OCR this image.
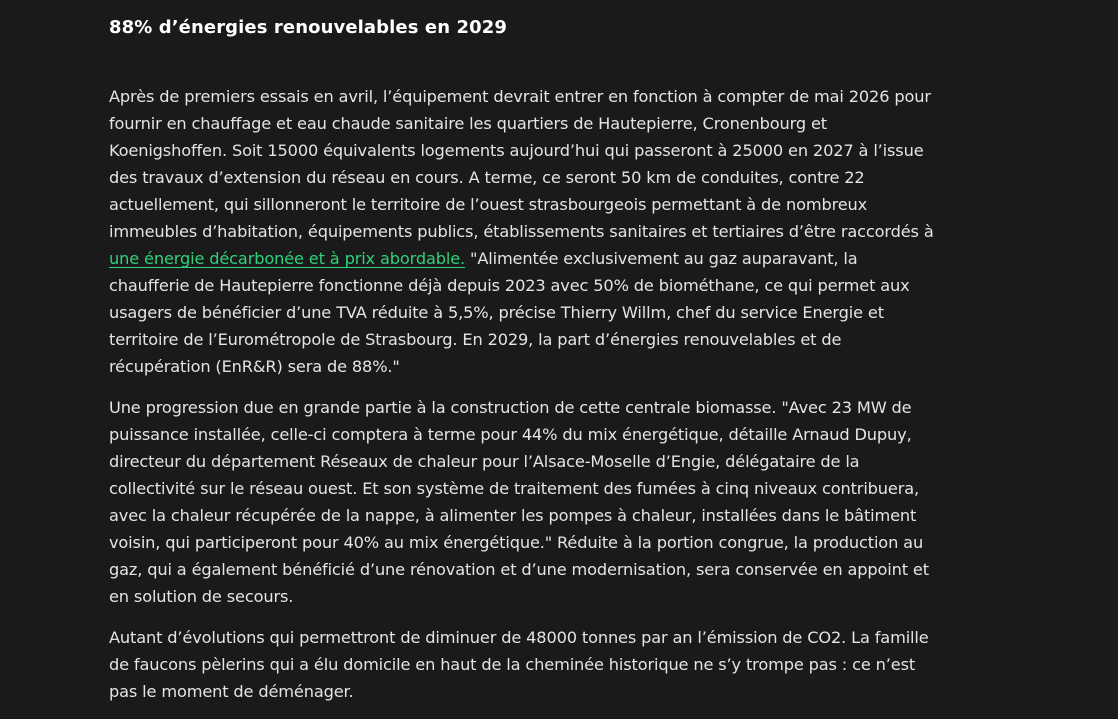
88% d’énergies renouvelables en 2029
Après de premiers essais en avril, l’équipement devrait entrer en fonction à compter de mai 2026 pour
fournir en chauffage et eau chaude sanitaire les quartiers de Hautepierre, Cronenbourg et
Koenigshoffen. Soit 15000 équivalents logements aujourd’hui qui passeront à 25000 en 2027 à l’issue
des travaux d’extension du réseau en cours. A terme, ce seront 50 km de conduites, contre 22
actuellement, qui sillonneront le territoire de l’ouest strasbourgeois permettant à de nombreux
immeubles d’habitation, équipements publics, établissements sanitaires et tertiaires d’être raccordés à
une énergie décarbonée et à prix abordable. "Alimentée exclusivement au gaz auparavant, la
chaufferie de Hautepierre fonctionne déjà depuis 2023 avec 50% de biométhane, ce qui permet aux
usagers de bénéficier d’une TVA réduite à 5,5%, précise Thierry Willm, chef du service Energie et
territoire de l’Eurométropole de Strasbourg. En 2029, la part d’énergies renouvelables et de
récupération (EnR&R) sera de 88%."
Une progression due en grande partie à la construction de cette centrale biomasse. "Avec 23 MW de
puissance installée, celle-ci comptera à terme pour 44% du mix énergétique, détaille Arnaud Dupuy,
directeur du département Réseaux de chaleur pour l’Alsace-Moselle d’Engie, délégataire de la
collectivité sur le réseau ouest. Et son système de traitement des fumées à cinq niveaux contribuera,
avec la chaleur récupérée de la nappe, à alimenter les pompes à chaleur, installées dans le bâtiment
voisin, qui participeront pour 40% au mix énergétique." Réduite à la portion congrue, la production au
gaz, qui a également bénéficié d’une rénovation et d’une modernisation, sera conservée en appoint et
en solution de secours.
Autant d’évolutions qui permettront de diminuer de 48000 tonnes par an l’émission de CO2. La famille
de faucons pèlerins qui a élu domicile en haut de la cheminée historique ne s’y trompe pas : ce n’est
pas le moment de déménager.
